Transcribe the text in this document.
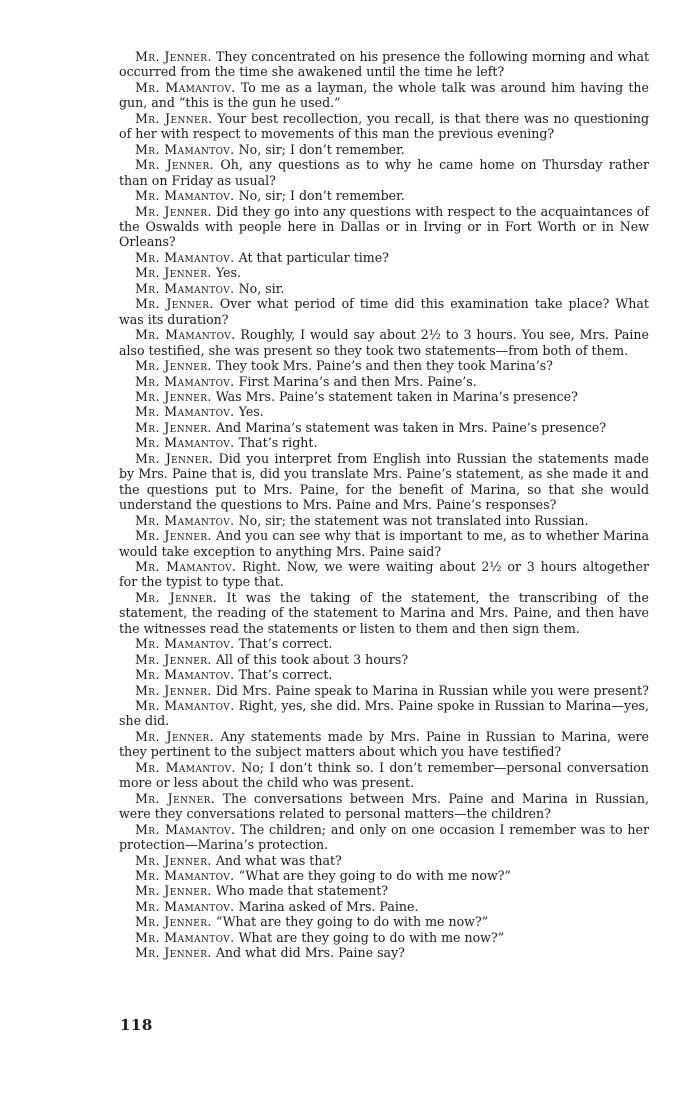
Mr. Jenner. They concentrated on his presence the following morning and what occurred from the time she awakened until the time he left?

Mr. Mamantov. To me as a layman, the whole talk was around him having the gun, and “this is the gun he used.”

Mr. Jenner. Your best recollection, you recall, is that there was no questioning of her with respect to movements of this man the previous evening?

Mr. Mamantov. No, sir; I don’t remember.

Mr. Jenner. Oh, any questions as to why he came home on Thursday rather than on Friday as usual?

Mr. Mamantov. No, sir; I don’t remember.

Mr. Jenner. Did they go into any questions with respect to the acquaintances of the Oswalds with people here in Dallas or in Irving or in Fort Worth or in New Orleans?

Mr. Mamantov. At that particular time?

Mr. Jenner. Yes.

Mr. Mamantov. No, sir.

Mr. Jenner. Over what period of time did this examination take place? What was its duration?

Mr. Mamantov. Roughly, I would say about 2½ to 3 hours. You see, Mrs. Paine also testified, she was present so they took two statements—from both of them.

Mr. Jenner. They took Mrs. Paine’s and then they took Marina’s?

Mr. Mamantov. First Marina’s and then Mrs. Paine’s.

Mr. Jenner. Was Mrs. Paine’s statement taken in Marina’s presence?

Mr. Mamantov. Yes.

Mr. Jenner. And Marina’s statement was taken in Mrs. Paine’s presence?

Mr. Mamantov. That’s right.

Mr. Jenner. Did you interpret from English into Russian the statements made by Mrs. Paine that is, did you translate Mrs. Paine’s statement, as she made it and the questions put to Mrs. Paine, for the benefit of Marina, so that she would understand the questions to Mrs. Paine and Mrs. Paine’s responses?

Mr. Mamantov. No, sir; the statement was not translated into Russian.

Mr. Jenner. And you can see why that is important to me, as to whether Marina would take exception to anything Mrs. Paine said?

Mr. Mamantov. Right. Now, we were waiting about 2½ or 3 hours altogether for the typist to type that.

Mr. Jenner. It was the taking of the statement, the transcribing of the statement, the reading of the statement to Marina and Mrs. Paine, and then have the witnesses read the statements or listen to them and then sign them.

Mr. Mamantov. That’s correct.

Mr. Jenner. All of this took about 3 hours?

Mr. Mamantov. That’s correct.

Mr. Jenner. Did Mrs. Paine speak to Marina in Russian while you were present?

Mr. Mamantov. Right, yes, she did. Mrs. Paine spoke in Russian to Marina—yes, she did.

Mr. Jenner. Any statements made by Mrs. Paine in Russian to Marina, were they pertinent to the subject matters about which you have testified?

Mr. Mamantov. No; I don’t think so. I don’t remember—personal conversation more or less about the child who was present.

Mr. Jenner. The conversations between Mrs. Paine and Marina in Russian, were they conversations related to personal matters—the children?

Mr. Mamantov. The children; and only on one occasion I remember was to her protection—Marina’s protection.

Mr. Jenner. And what was that?

Mr. Mamantov. “What are they going to do with me now?”

Mr. Jenner. Who made that statement?

Mr. Mamantov. Marina asked of Mrs. Paine.

Mr. Jenner. “What are they going to do with me now?”

Mr. Mamantov. What are they going to do with me now?”

Mr. Jenner. And what did Mrs. Paine say?

118
